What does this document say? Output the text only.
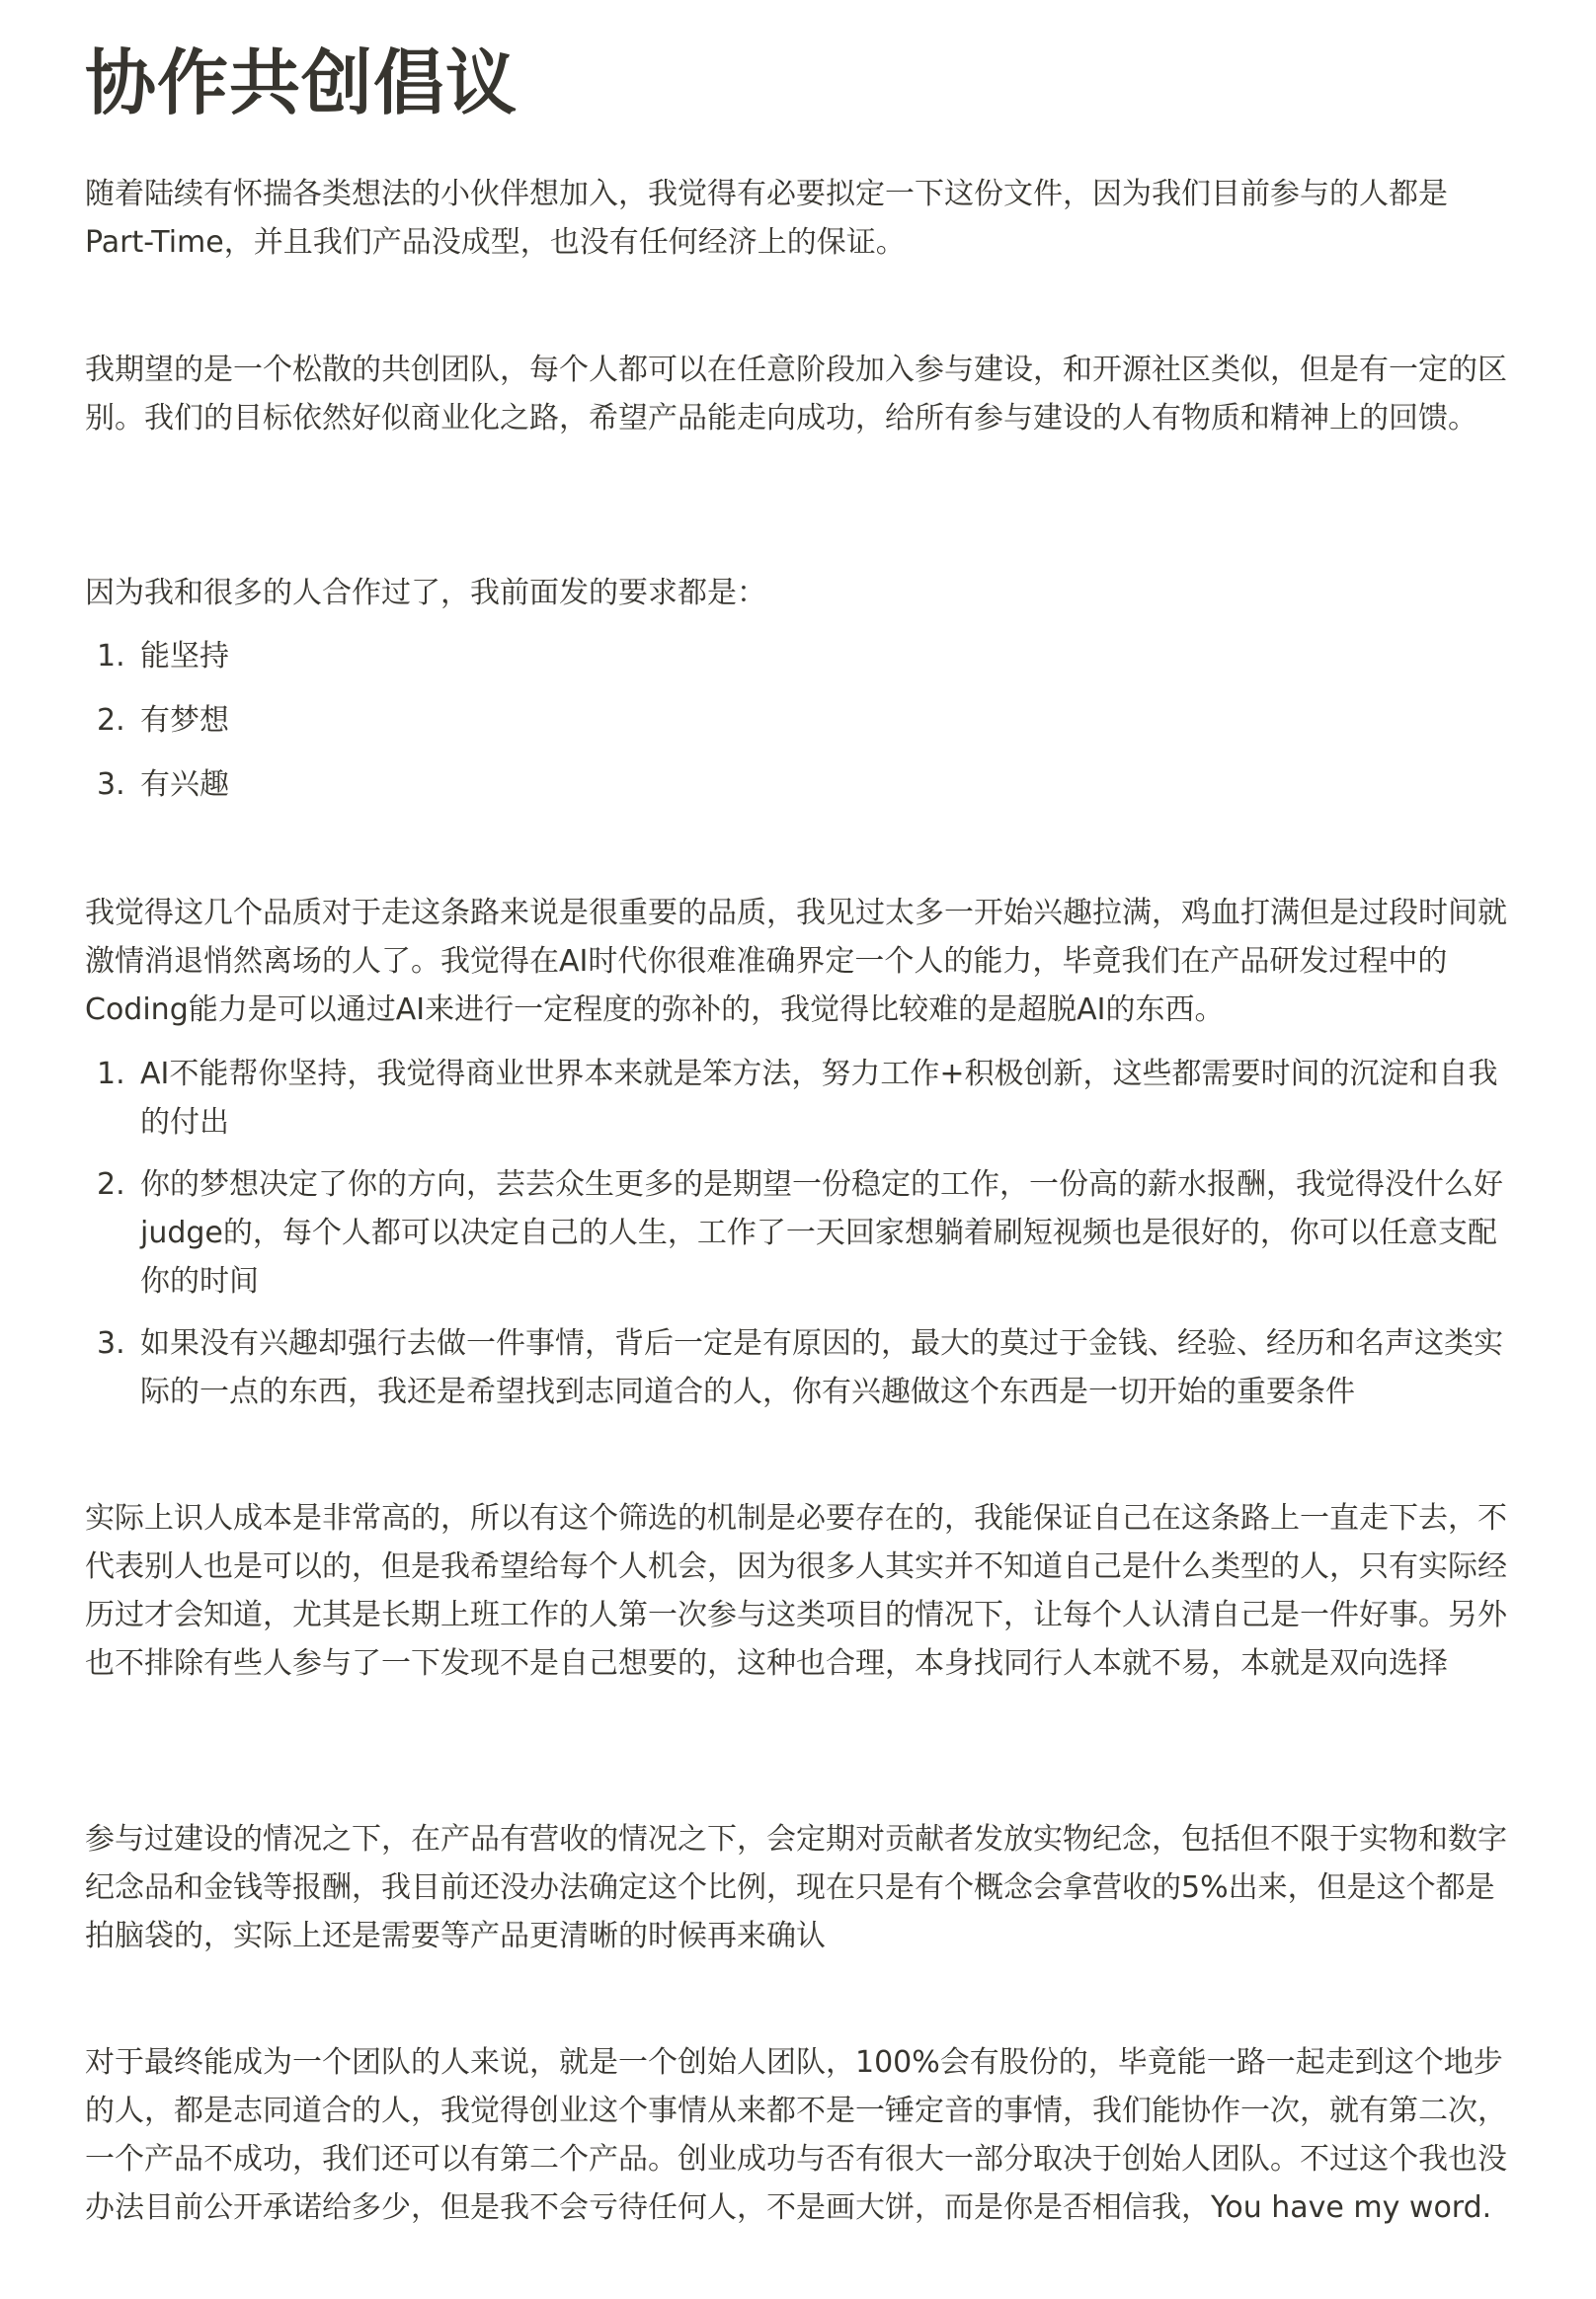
协作共创倡议

随着陆续有怀揣各类想法的小伙伴想加入，我觉得有必要拟定一下这份文件，因为我们目前参与的人都是Part-Time，并且我们产品没成型，也没有任何经济上的保证。

我期望的是一个松散的共创团队，每个人都可以在任意阶段加入参与建设，和开源社区类似，但是有一定的区别。我们的目标依然好似商业化之路，希望产品能走向成功，给所有参与建设的人有物质和精神上的回馈。

因为我和很多的人合作过了，我前面发的要求都是：

1. 能坚持
2. 有梦想
3. 有兴趣

我觉得这几个品质对于走这条路来说是很重要的品质，我见过太多一开始兴趣拉满，鸡血打满但是过段时间就激情消退悄然离场的人了。我觉得在AI时代你很难准确界定一个人的能力，毕竟我们在产品研发过程中的Coding能力是可以通过AI来进行一定程度的弥补的，我觉得比较难的是超脱AI的东西。

1. AI不能帮你坚持，我觉得商业世界本来就是笨方法，努力工作+积极创新，这些都需要时间的沉淀和自我的付出
2. 你的梦想决定了你的方向，芸芸众生更多的是期望一份稳定的工作，一份高的薪水报酬，我觉得没什么好judge的，每个人都可以决定自己的人生，工作了一天回家想躺着刷短视频也是很好的，你可以任意支配你的时间
3. 如果没有兴趣却强行去做一件事情，背后一定是有原因的，最大的莫过于金钱、经验、经历和名声这类实际的一点的东西，我还是希望找到志同道合的人，你有兴趣做这个东西是一切开始的重要条件

实际上识人成本是非常高的，所以有这个筛选的机制是必要存在的，我能保证自己在这条路上一直走下去，不代表别人也是可以的，但是我希望给每个人机会，因为很多人其实并不知道自己是什么类型的人，只有实际经历过才会知道，尤其是长期上班工作的人第一次参与这类项目的情况下，让每个人认清自己是一件好事。另外也不排除有些人参与了一下发现不是自己想要的，这种也合理，本身找同行人本就不易，本就是双向选择

参与过建设的情况之下，在产品有营收的情况之下，会定期对贡献者发放实物纪念，包括但不限于实物和数字纪念品和金钱等报酬，我目前还没办法确定这个比例，现在只是有个概念会拿营收的5%出来，但是这个都是拍脑袋的，实际上还是需要等产品更清晰的时候再来确认

对于最终能成为一个团队的人来说，就是一个创始人团队，100%会有股份的，毕竟能一路一起走到这个地步的人，都是志同道合的人，我觉得创业这个事情从来都不是一锤定音的事情，我们能协作一次，就有第二次，一个产品不成功，我们还可以有第二个产品。创业成功与否有很大一部分取决于创始人团队。不过这个我也没办法目前公开承诺给多少，但是我不会亏待任何人，不是画大饼，而是你是否相信我，You have my word.
